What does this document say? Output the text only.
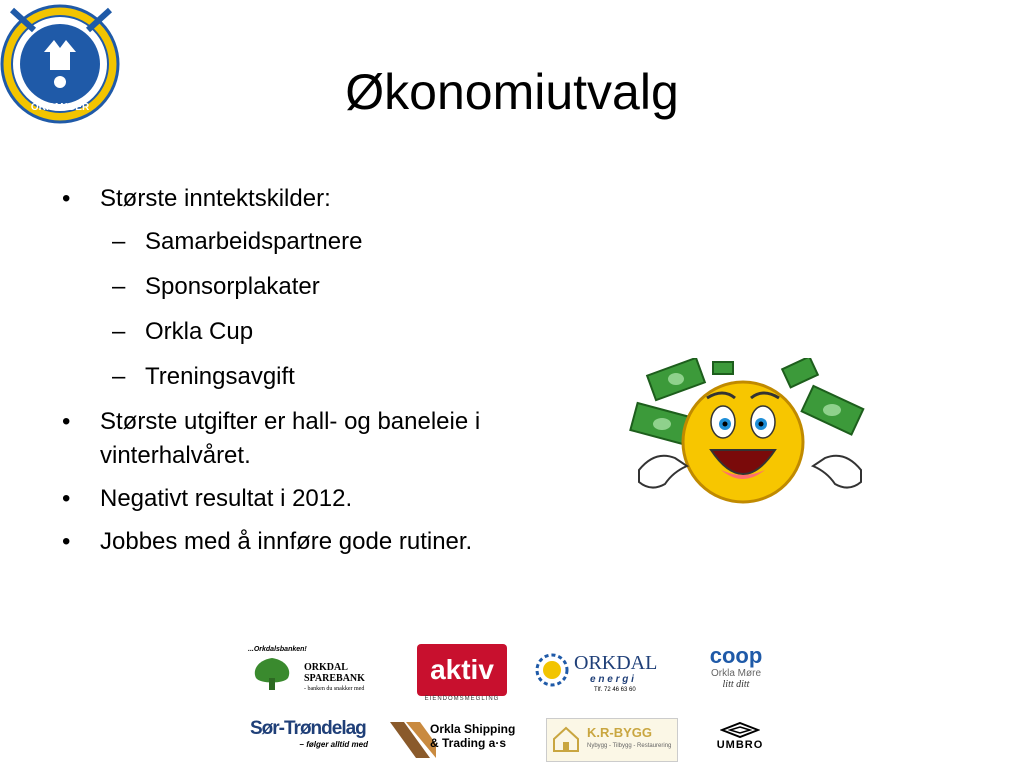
ORKANGER	Økonomiutvalg
• Største inntektskilder:
– Samarbeidspartnere
– Sponsorplakater
– Orkla Cup
– Treningsavgift
• Største utgifter er hall- og baneleie i vinterhalvåret.
• Negativt resultat i 2012.
• Jobbes med å innføre gode rutiner.
...Orkdalsbanken!
ORKDAL
SPAREBANK
- banken du snakker med
aktiv
EIENDOMSMEGLING
ORKDAL
e n e r g i
Tlf. 72 46 63 60
coop
Orkla Møre
litt ditt
Sør-Trøndelag
– følger alltid med
Orkla Shipping
& Trading a·s
K.R-BYGG
Nybygg - Tilbygg - Restaurering	UMBRO
